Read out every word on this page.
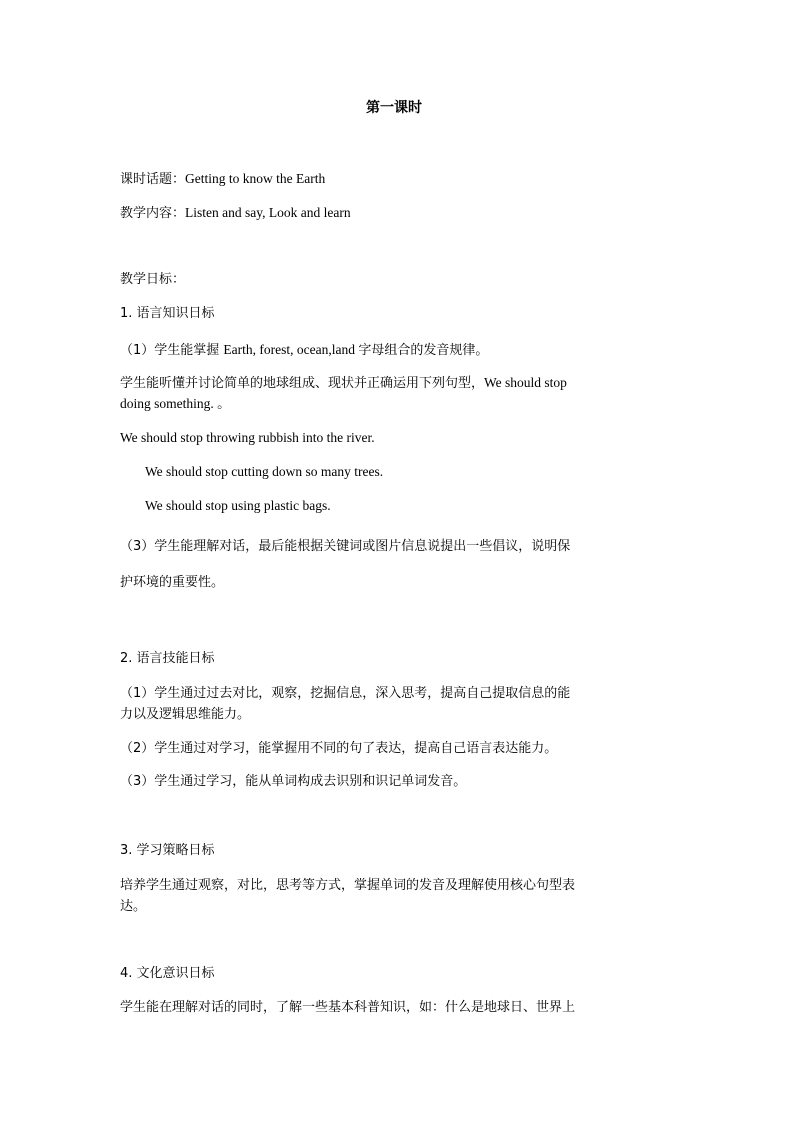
第一课时
课时话题：Getting to know the Earth
教学内容：Listen and say, Look and learn
教学日标：
1. 语言知识日标
（1）学生能掌握 Earth, forest, ocean,land 字母组合的发音规律。
学生能听懂并讨论简单的地球组成、现状并正确运用下列句型，We should stop
doing something. 。
We should stop throwing rubbish into the river.
We should stop cutting down so many trees.
We should stop using plastic bags.
（3）学生能理解对话，最后能根据关键词或图片信息说提出一些倡议，说明保
护环境的重要性。
2. 语言技能日标
（1）学生通过过去对比，观察，挖掘信息，深入思考，提高自己提取信息的能
力以及逻辑思维能力。
（2）学生通过对学习，能掌握用不同的句了表达，提高自己语言表达能力。
（3）学生通过学习，能从单词构成去识别和识记单词发音。
3. 学习策略日标
培养学生通过观察，对比，思考等方式，掌握单词的发音及理解使用核心句型表
达。
4. 文化意识日标
学生能在理解对话的同时，了解一些基本科普知识，如：什么是地球日、世界上
